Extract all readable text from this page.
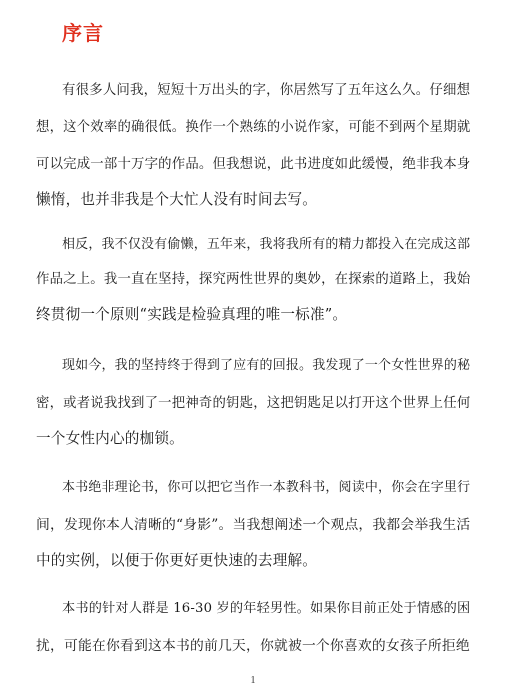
序言
有很多人问我，短短十万出头的字，你居然写了五年这么久。仔细想
想，这个效率的确很低。换作一个熟练的小说作家，可能不到两个星期就
可以完成一部十万字的作品。但我想说，此书进度如此缓慢，绝非我本身
懒惰，也并非我是个大忙人没有时间去写。
相反，我不仅没有偷懒，五年来，我将我所有的精力都投入在完成这部
作品之上。我一直在坚持，探究两性世界的奥妙，在探索的道路上，我始
终贯彻一个原则“实践是检验真理的唯一标准”。
现如今，我的坚持终于得到了应有的回报。我发现了一个女性世界的秘
密，或者说我找到了一把神奇的钥匙，这把钥匙足以打开这个世界上任何
一个女性内心的枷锁。
本书绝非理论书，你可以把它当作一本教科书，阅读中，你会在字里行
间，发现你本人清晰的“身影”。当我想阐述一个观点，我都会举我生活
中的实例，以便于你更好更快速的去理解。
本书的针对人群是 16-30 岁的年轻男性。如果你目前正处于情感的困
扰，可能在你看到这本书的前几天，你就被一个你喜欢的女孩子所拒绝
1
